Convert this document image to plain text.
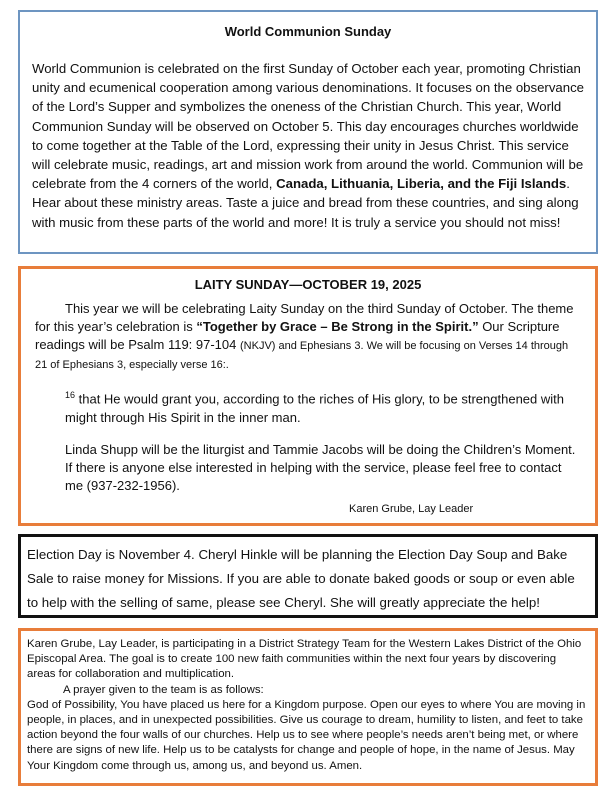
World Communion Sunday

World Communion is celebrated on the first Sunday of October each year, promoting Christian unity and ecumenical cooperation among various denominations. It focuses on the observance of the Lord’s Supper and symbolizes the oneness of the Christian Church. This year, World Communion Sunday will be observed on October 5. This day encourages churches worldwide to come together at the Table of the Lord, expressing their unity in Jesus Christ. This service will celebrate music, readings, art and mission work from around the world. Communion will be celebrate from the 4 corners of the world, Canada, Lithuania, Liberia, and the Fiji Islands. Hear about these ministry areas. Taste a juice and bread from these countries, and sing along with music from these parts of the world and more! It is truly a service you should not miss!

LAITY SUNDAY—OCTOBER 19, 2025

This year we will be celebrating Laity Sunday on the third Sunday of October. The theme for this year’s celebration is “Together by Grace – Be Strong in the Spirit.” Our Scripture readings will be Psalm 119: 97-104 (NKJV) and Ephesians 3. We will be focusing on Verses 14 through 21 of Ephesians 3, especially verse 16:.

$^{16}$ that He would grant you, according to the riches of His glory, to be strengthened with might through His Spirit in the inner man.

Linda Shupp will be the liturgist and Tammie Jacobs will be doing the Children’s Moment. If there is anyone else interested in helping with the service, please feel free to contact me (937-232-1956).

Karen Grube, Lay Leader

Election Day is November 4. Cheryl Hinkle will be planning the Election Day Soup and Bake Sale to raise money for Missions. If you are able to donate baked goods or soup or even able to help with the selling of same, please see Cheryl. She will greatly appreciate the help!

Karen Grube, Lay Leader, is participating in a District Strategy Team for the Western Lakes District of the Ohio Episcopal Area. The goal is to create 100 new faith communities within the next four years by discovering areas for collaboration and multiplication.

A prayer given to the team is as follows:

God of Possibility, You have placed us here for a Kingdom purpose. Open our eyes to where You are moving in people, in places, and in unexpected possibilities. Give us courage to dream, humility to listen, and feet to take action beyond the four walls of our churches. Help us to see where people’s needs aren’t being met, or where there are signs of new life. Help us to be catalysts for change and people of hope, in the name of Jesus. May Your Kingdom come through us, among us, and beyond us. Amen.
